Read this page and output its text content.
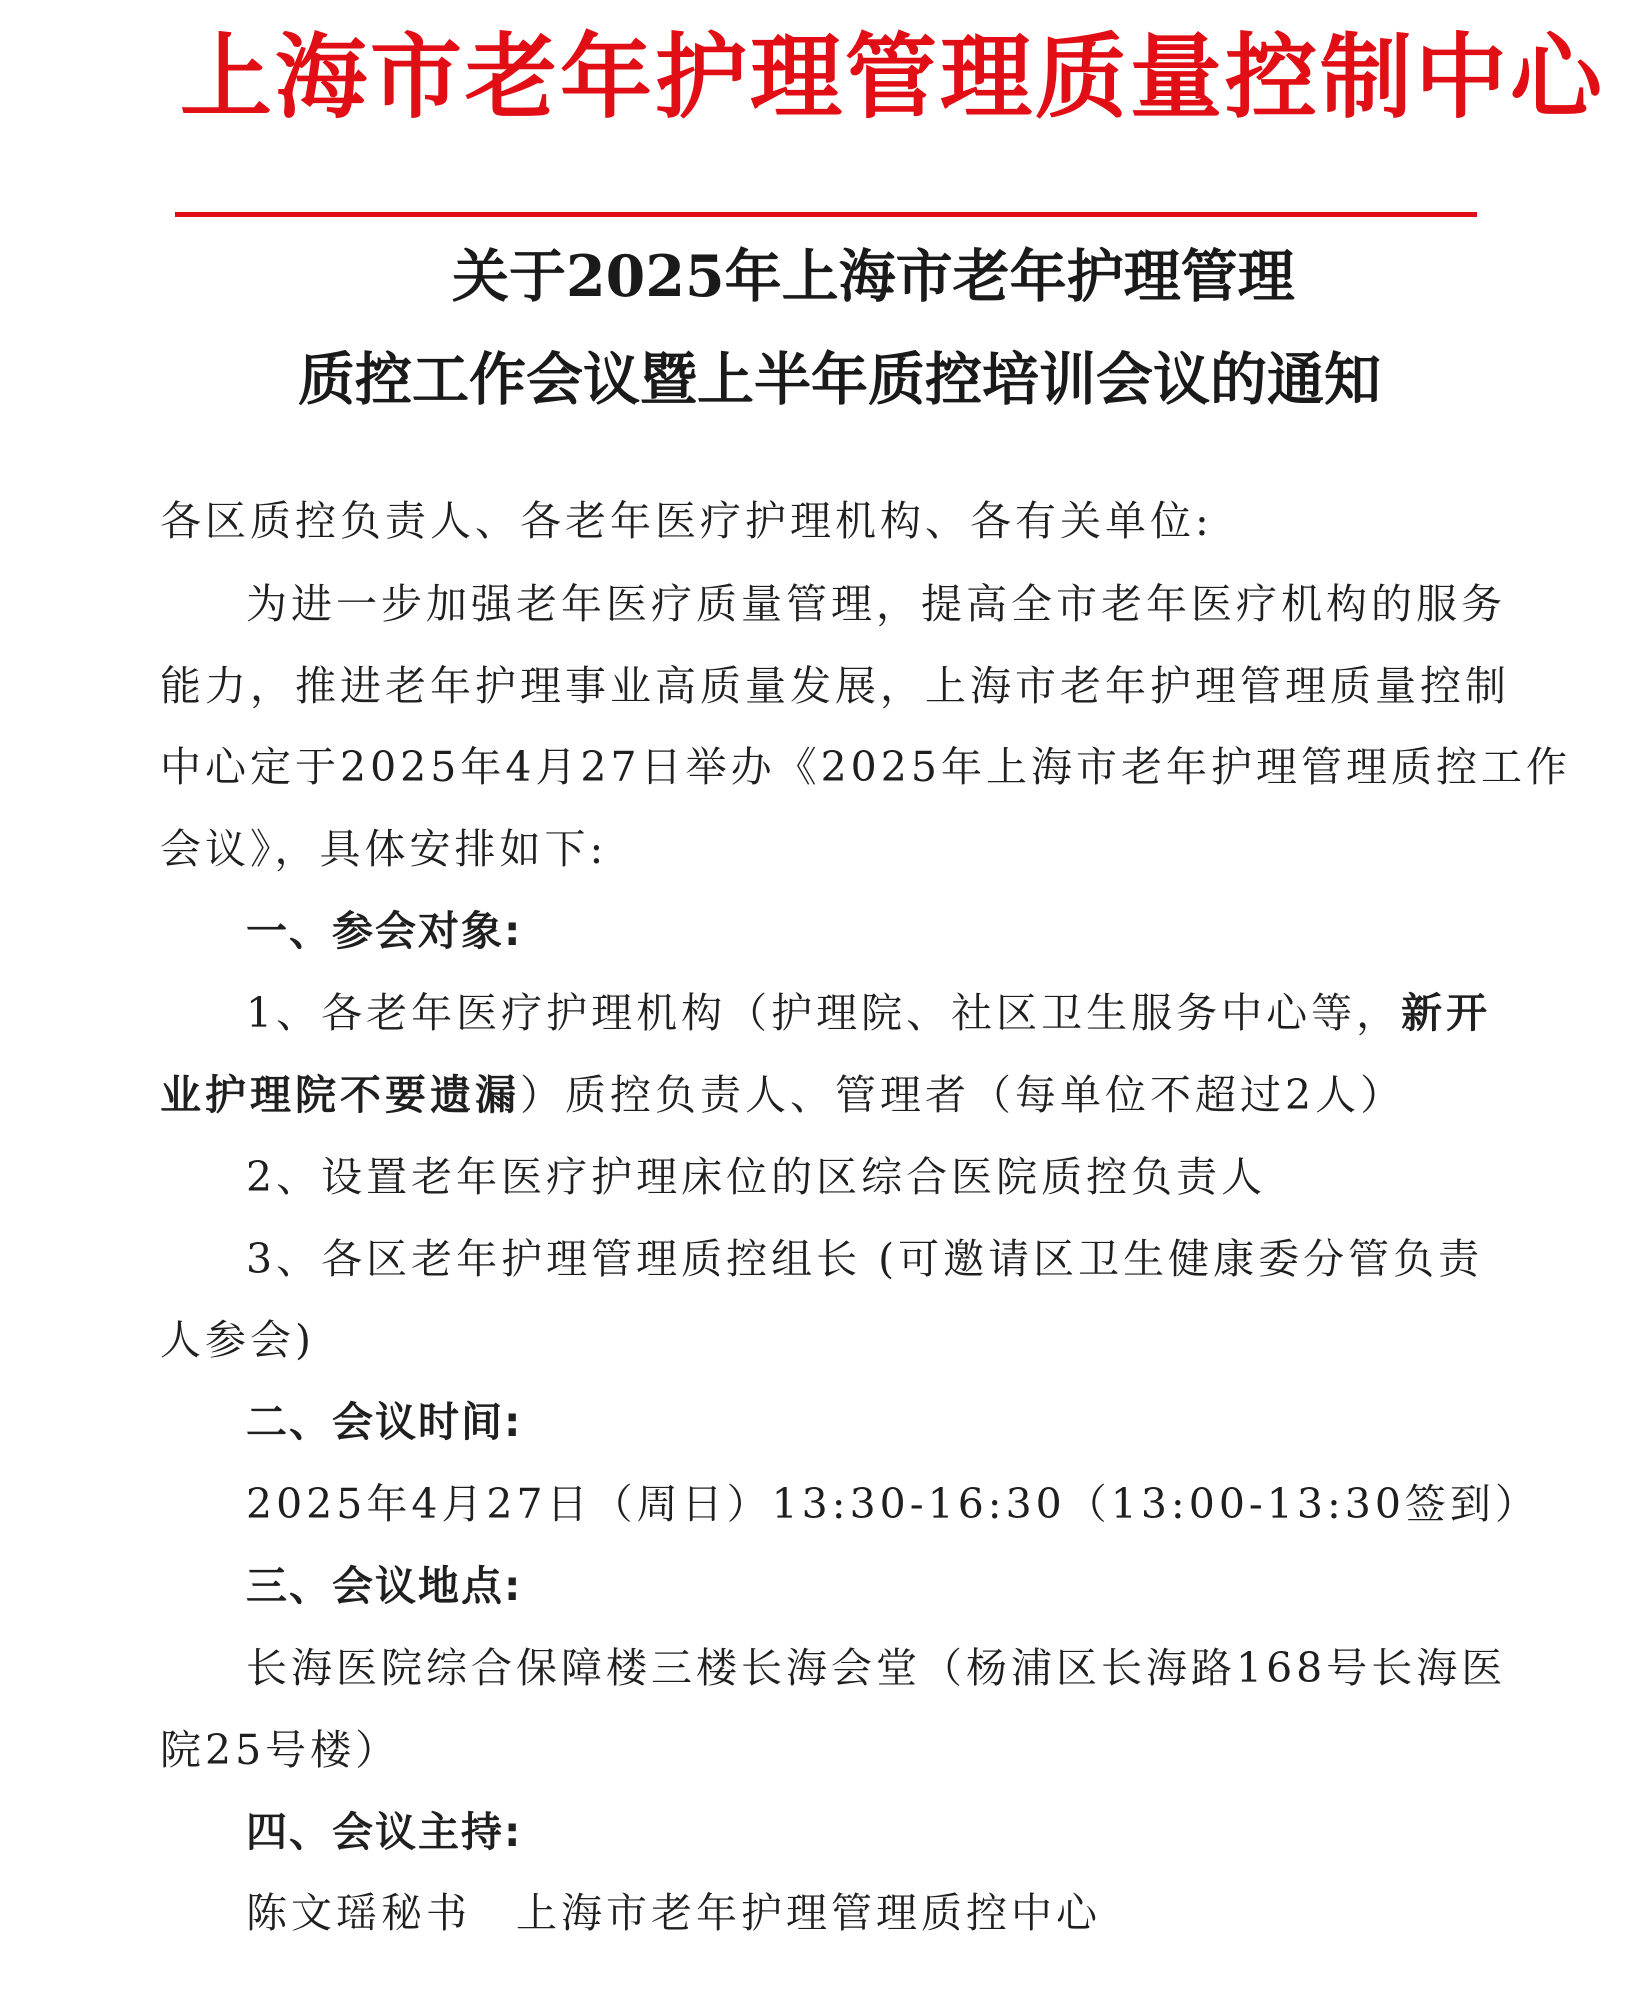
上海市老年护理管理质量控制中心
关于2025年上海市老年护理管理
质控工作会议暨上半年质控培训会议的通知
各区质控负责人、各老年医疗护理机构、各有关单位:
为进一步加强老年医疗质量管理，提高全市老年医疗机构的服务
能力，推进老年护理事业高质量发展，上海市老年护理管理质量控制
中心定于2025年4月27日举办《2025年上海市老年护理管理质控工作
会议》，具体安排如下:
一、参会对象:
1、各老年医疗护理机构（护理院、社区卫生服务中心等，新开
业护理院不要遗漏）质控负责人、管理者（每单位不超过2人）
2、设置老年医疗护理床位的区综合医院质控负责人
3、各区老年护理管理质控组长 (可邀请区卫生健康委分管负责
人参会)
二、会议时间:
2025年4月27日（周日）13:30-16:30（13:00-13:30签到）
三、会议地点:
长海医院综合保障楼三楼长海会堂（杨浦区长海路168号长海医
院25号楼）
四、会议主持:
陈文瑶秘书　上海市老年护理管理质控中心
